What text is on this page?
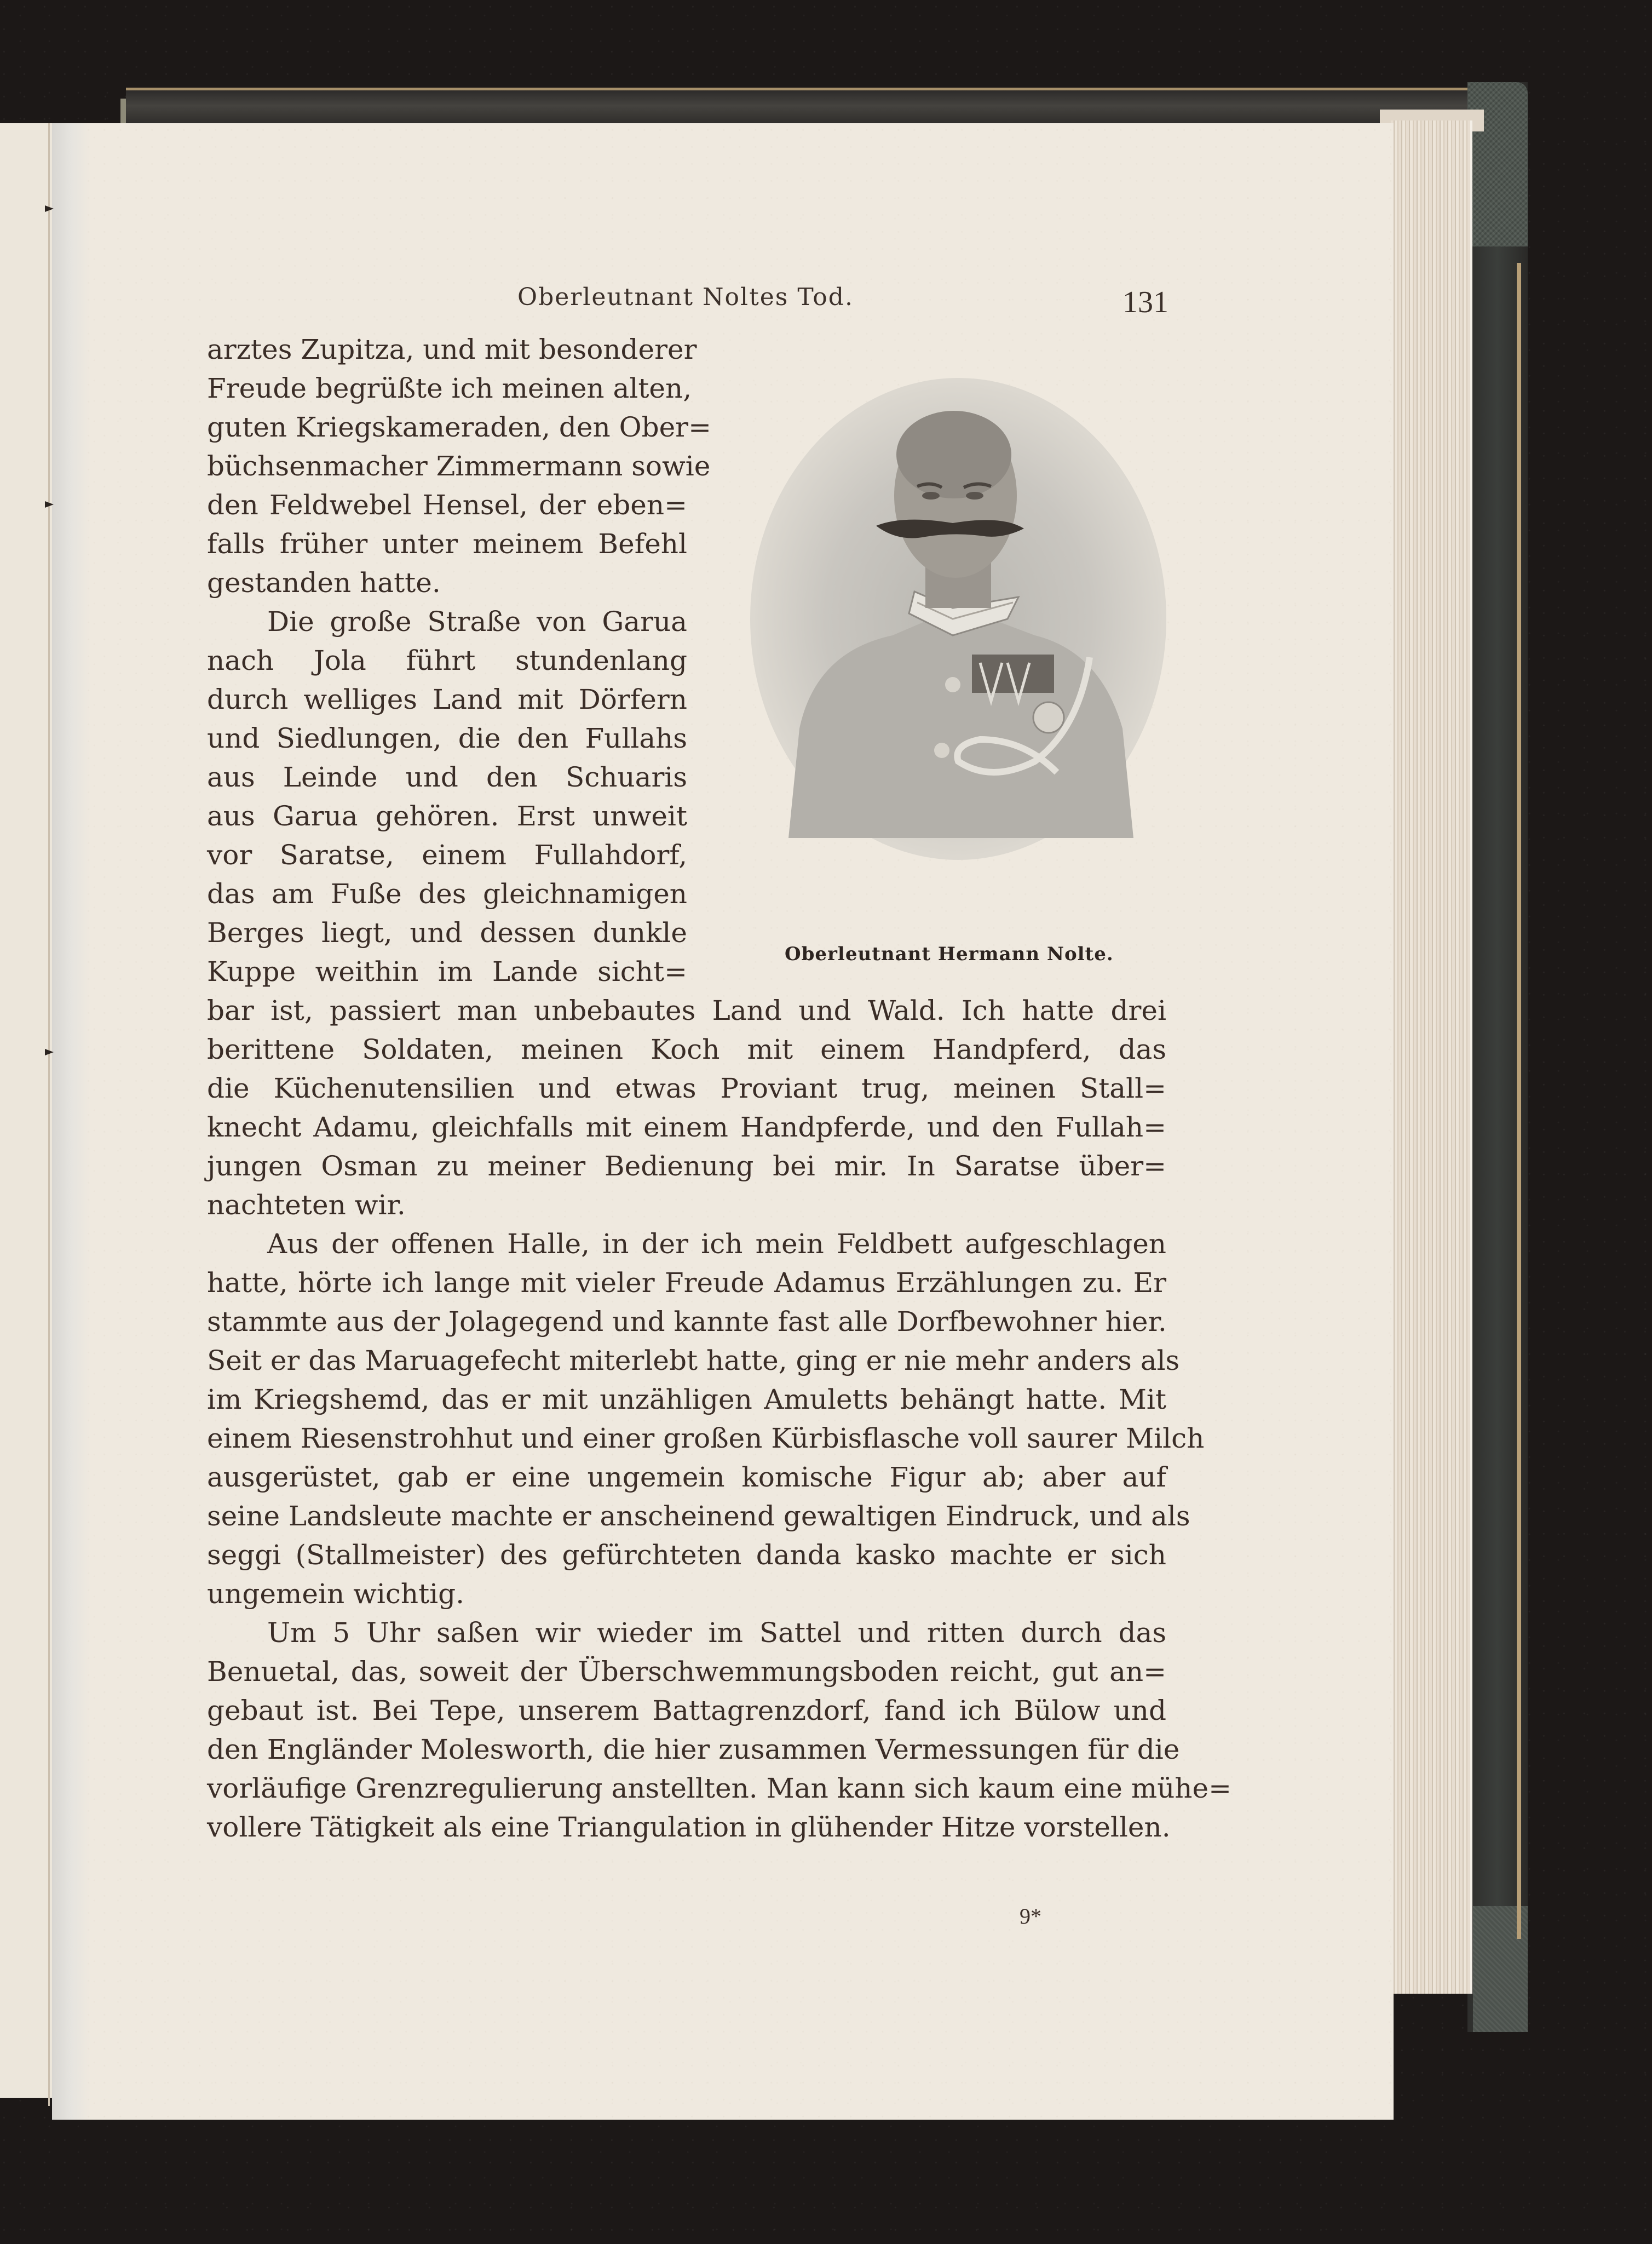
Oberleutnant Noltes Tod.	131
Oberleutnant Hermann Nolte.
arztes Zupitza, und mit besonderer
Freude begrüßte ich meinen alten,
guten Kriegskameraden, den Ober=
büchsenmacher Zimmermann sowie
den Feldwebel Hensel, der eben=
falls früher unter meinem Befehl
gestanden hatte.
Die große Straße von Garua
nach Jola führt stundenlang
durch welliges Land mit Dörfern
und Siedlungen, die den Fullahs
aus Leinde und den Schuaris
aus Garua gehören. Erst unweit
vor Saratse, einem Fullahdorf,
das am Fuße des gleichnamigen
Berges liegt, und dessen dunkle
Kuppe weithin im Lande sicht=
bar ist, passiert man unbebautes Land und Wald. Ich hatte drei
berittene Soldaten, meinen Koch mit einem Handpferd, das
die Küchenutensilien und etwas Proviant trug, meinen Stall=
knecht Adamu, gleichfalls mit einem Handpferde, und den Fullah=
jungen Osman zu meiner Bedienung bei mir. In Saratse über=
nachteten wir.
Aus der offenen Halle, in der ich mein Feldbett aufgeschlagen
hatte, hörte ich lange mit vieler Freude Adamus Erzählungen zu. Er
stammte aus der Jolagegend und kannte fast alle Dorfbewohner hier.
Seit er das Maruagefecht miterlebt hatte, ging er nie mehr anders als
im Kriegshemd, das er mit unzähligen Amuletts behängt hatte. Mit
einem Riesenstrohhut und einer großen Kürbisflasche voll saurer Milch
ausgerüstet, gab er eine ungemein komische Figur ab; aber auf
seine Landsleute machte er anscheinend gewaltigen Eindruck, und als
seggi (Stallmeister) des gefürchteten danda kasko machte er sich
ungemein wichtig.
Um 5 Uhr saßen wir wieder im Sattel und ritten durch das
Benuetal, das, soweit der Überschwemmungsboden reicht, gut an=
gebaut ist. Bei Tepe, unserem Battagrenzdorf, fand ich Bülow und
den Engländer Molesworth, die hier zusammen Vermessungen für die
vorläufige Grenzregulierung anstellten. Man kann sich kaum eine mühe=
vollere Tätigkeit als eine Triangulation in glühender Hitze vorstellen.
9*
